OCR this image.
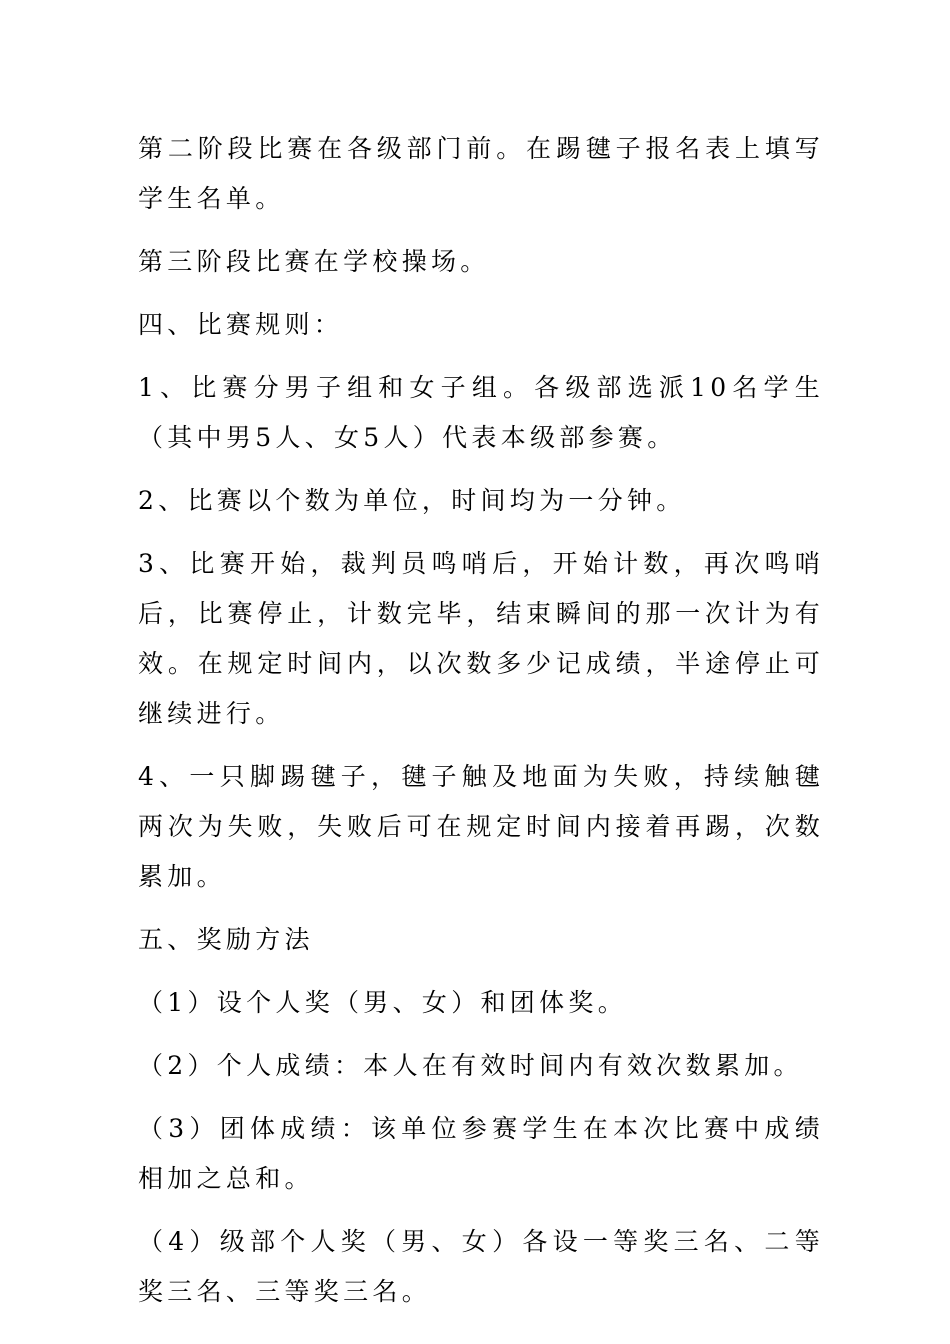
第二阶段比赛在各级部门前。在踢毽子报名表上填写学生名单。

第三阶段比赛在学校操场。

四、比赛规则：

1、比赛分男子组和女子组。各级部选派10名学生（其中男5人、女5人）代表本级部参赛。

2、比赛以个数为单位，时间均为一分钟。

3、比赛开始，裁判员鸣哨后，开始计数，再次鸣哨后，比赛停止，计数完毕，结束瞬间的那一次计为有效。在规定时间内，以次数多少记成绩，半途停止可继续进行。

4、一只脚踢毽子，毽子触及地面为失败，持续触毽两次为失败，失败后可在规定时间内接着再踢，次数累加。

五、奖励方法

（1）设个人奖（男、女）和团体奖。

（2）个人成绩：本人在有效时间内有效次数累加。

（3）团体成绩：该单位参赛学生在本次比赛中成绩相加之总和。

（4）级部个人奖（男、女）各设一等奖三名、二等奖三名、三等奖三名。
